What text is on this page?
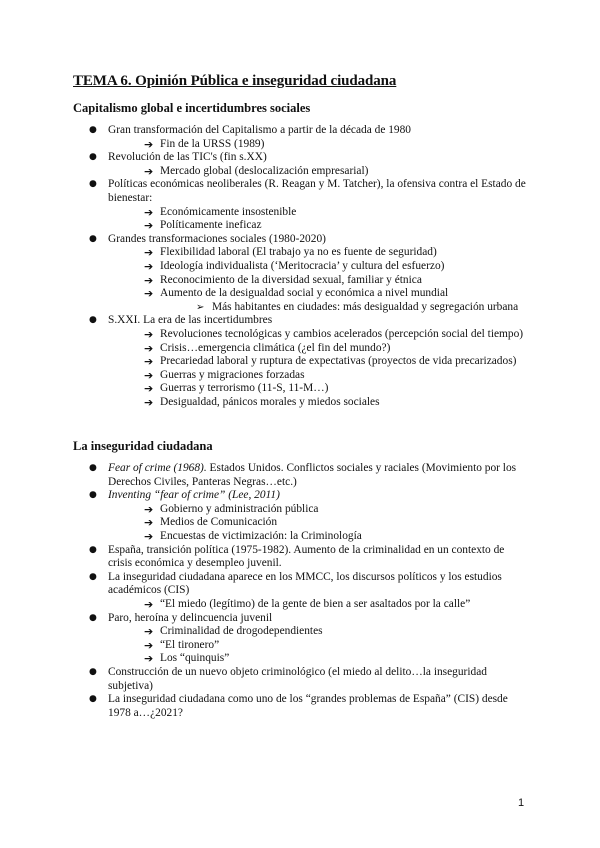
TEMA 6. Opinión Pública e inseguridad ciudadana
Capitalismo global e incertidumbres sociales
● Gran transformación del Capitalismo a partir de la década de 1980
➔ Fin de la URSS (1989)
● Revolución de las TIC's (fin s.XX)
➔ Mercado global (deslocalización empresarial)
● Políticas económicas neoliberales (R. Reagan y M. Tatcher), la ofensiva contra el Estado de bienestar:
➔ Económicamente insostenible
➔ Políticamente ineficaz
● Grandes transformaciones sociales (1980-2020)
➔ Flexibilidad laboral (El trabajo ya no es fuente de seguridad)
➔ Ideología individualista (‘Meritocracia’ y cultura del esfuerzo)
➔ Reconocimiento de la diversidad sexual, familiar y étnica
➔ Aumento de la desigualdad social y económica a nivel mundial
➢ Más habitantes en ciudades: más desigualdad y segregación urbana
● S.XXI. La era de las incertidumbres
➔ Revoluciones tecnológicas y cambios acelerados (percepción social del tiempo)
➔ Crisis…emergencia climática (¿el fin del mundo?)
➔ Precariedad laboral y ruptura de expectativas (proyectos de vida precarizados)
➔ Guerras y migraciones forzadas
➔ Guerras y terrorismo (11-S, 11-M…)
➔ Desigualdad, pánicos morales y miedos sociales
La inseguridad ciudadana
● Fear of crime (1968). Estados Unidos. Conflictos sociales y raciales (Movimiento por los Derechos Civiles, Panteras Negras…etc.)
● Inventing “fear of crime” (Lee, 2011)
➔ Gobierno y administración pública
➔ Medios de Comunicación
➔ Encuestas de victimización: la Criminología
● España, transición política (1975-1982). Aumento de la criminalidad en un contexto de crisis económica y desempleo juvenil.
● La inseguridad ciudadana aparece en los MMCC, los discursos políticos y los estudios académicos (CIS)
➔ “El miedo (legítimo) de la gente de bien a ser asaltados por la calle”
● Paro, heroína y delincuencia juvenil
➔ Criminalidad de drogodependientes
➔ “El tironero”
➔ Los “quinquis”
● Construcción de un nuevo objeto criminológico (el miedo al delito…la inseguridad subjetiva)
● La inseguridad ciudadana como uno de los “grandes problemas de España” (CIS) desde 1978 a…¿2021?
1
